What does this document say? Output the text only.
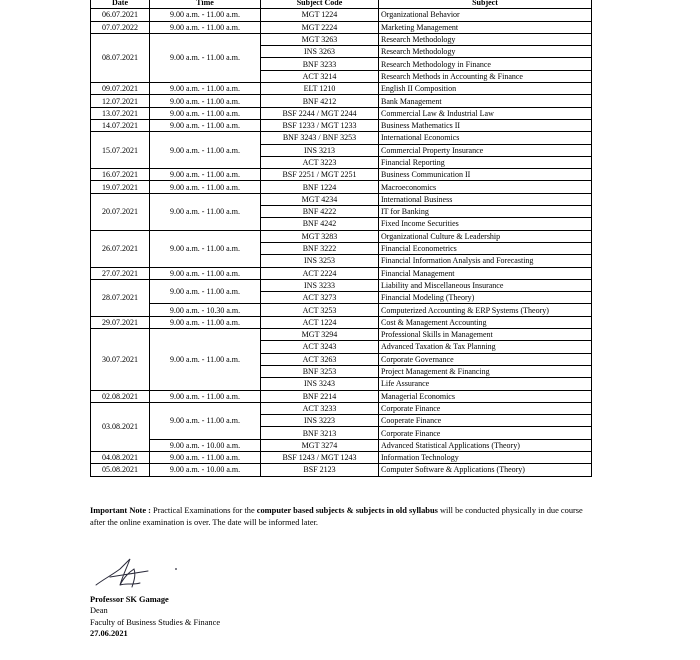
Date	Time	Subject Code	Subject
06.07.2021	9.00 a.m. - 11.00 a.m.	MGT 1224	Organizational Behavior
07.07.2022	9.00 a.m. - 11.00 a.m.	MGT 2224	Marketing Management
08.07.2021	9.00 a.m. - 11.00 a.m.	MGT 3263	Research Methodology
		INS 3263	Research Methodology
		BNF 3233	Research Methodology in Finance
		ACT 3214	Research Methods in Accounting & Finance
09.07.2021	9.00 a.m. - 11.00 a.m.	ELT 1210	English II Composition
12.07.2021	9.00 a.m. - 11.00 a.m.	BNF 4212	Bank Management
13.07.2021	9.00 a.m. - 11.00 a.m.	BSF 2244 / MGT 2244	Commercial Law & Industrial Law
14.07.2021	9.00 a.m. - 11.00 a.m.	BSF 1233 / MGT 1233	Business Mathematics II
15.07.2021	9.00 a.m. - 11.00 a.m.	BNF 3243 / BNF 3253	International Economics
		INS 3213	Commercial Property Insurance
		ACT 3223	Financial Reporting
16.07.2021	9.00 a.m. - 11.00 a.m.	BSF 2251 / MGT 2251	Business Communication II
19.07.2021	9.00 a.m. - 11.00 a.m.	BNF 1224	Macroeconomics
20.07.2021	9.00 a.m. - 11.00 a.m.	MGT 4234	International Business
		BNF 4222	IT for Banking
		BNF 4242	Fixed Income Securities
26.07.2021	9.00 a.m. - 11.00 a.m.	MGT 3283	Organizational Culture & Leadership
		BNF 3222	Financial Econometrics
		INS 3253	Financial Information Analysis and Forecasting
27.07.2021	9.00 a.m. - 11.00 a.m.	ACT 2224	Financial Management
28.07.2021	9.00 a.m. - 11.00 a.m.	INS 3233	Liability and Miscellaneous Insurance
		ACT 3273	Financial Modeling (Theory)
	9.00 a.m. - 10.30 a.m.	ACT 3253	Computerized Accounting & ERP Systems (Theory)
29.07.2021	9.00 a.m. - 11.00 a.m.	ACT 1224	Cost & Management Accounting
30.07.2021	9.00 a.m. - 11.00 a.m.	MGT 3294	Professional Skills in Management
		ACT 3243	Advanced Taxation & Tax Planning
		ACT 3263	Corporate Governance
		BNF 3253	Project Management & Financing
		INS 3243	Life Assurance
02.08.2021	9.00 a.m. - 11.00 a.m.	BNF 2214	Managerial Economics
03.08.2021	9.00 a.m. - 11.00 a.m.	ACT 3233	Corporate Finance
		INS 3223	Cooperate Finance
		BNF 3213	Corporate Finance
	9.00 a.m. - 10.00 a.m.	MGT 3274	Advanced Statistical Applications (Theory)
04.08.2021	9.00 a.m. - 11.00 a.m.	BSF 1243 / MGT 1243	Information Technology
05.08.2021	9.00 a.m. - 10.00 a.m.	BSF 2123	Computer Software & Applications (Theory)
Important Note : Practical Examinations for the computer based subjects & subjects in old syllabus will be conducted physically in due course after the online examination is over. The date will be informed later.
Professor SK Gamage
Dean
Faculty of Business Studies & Finance
27.06.2021
